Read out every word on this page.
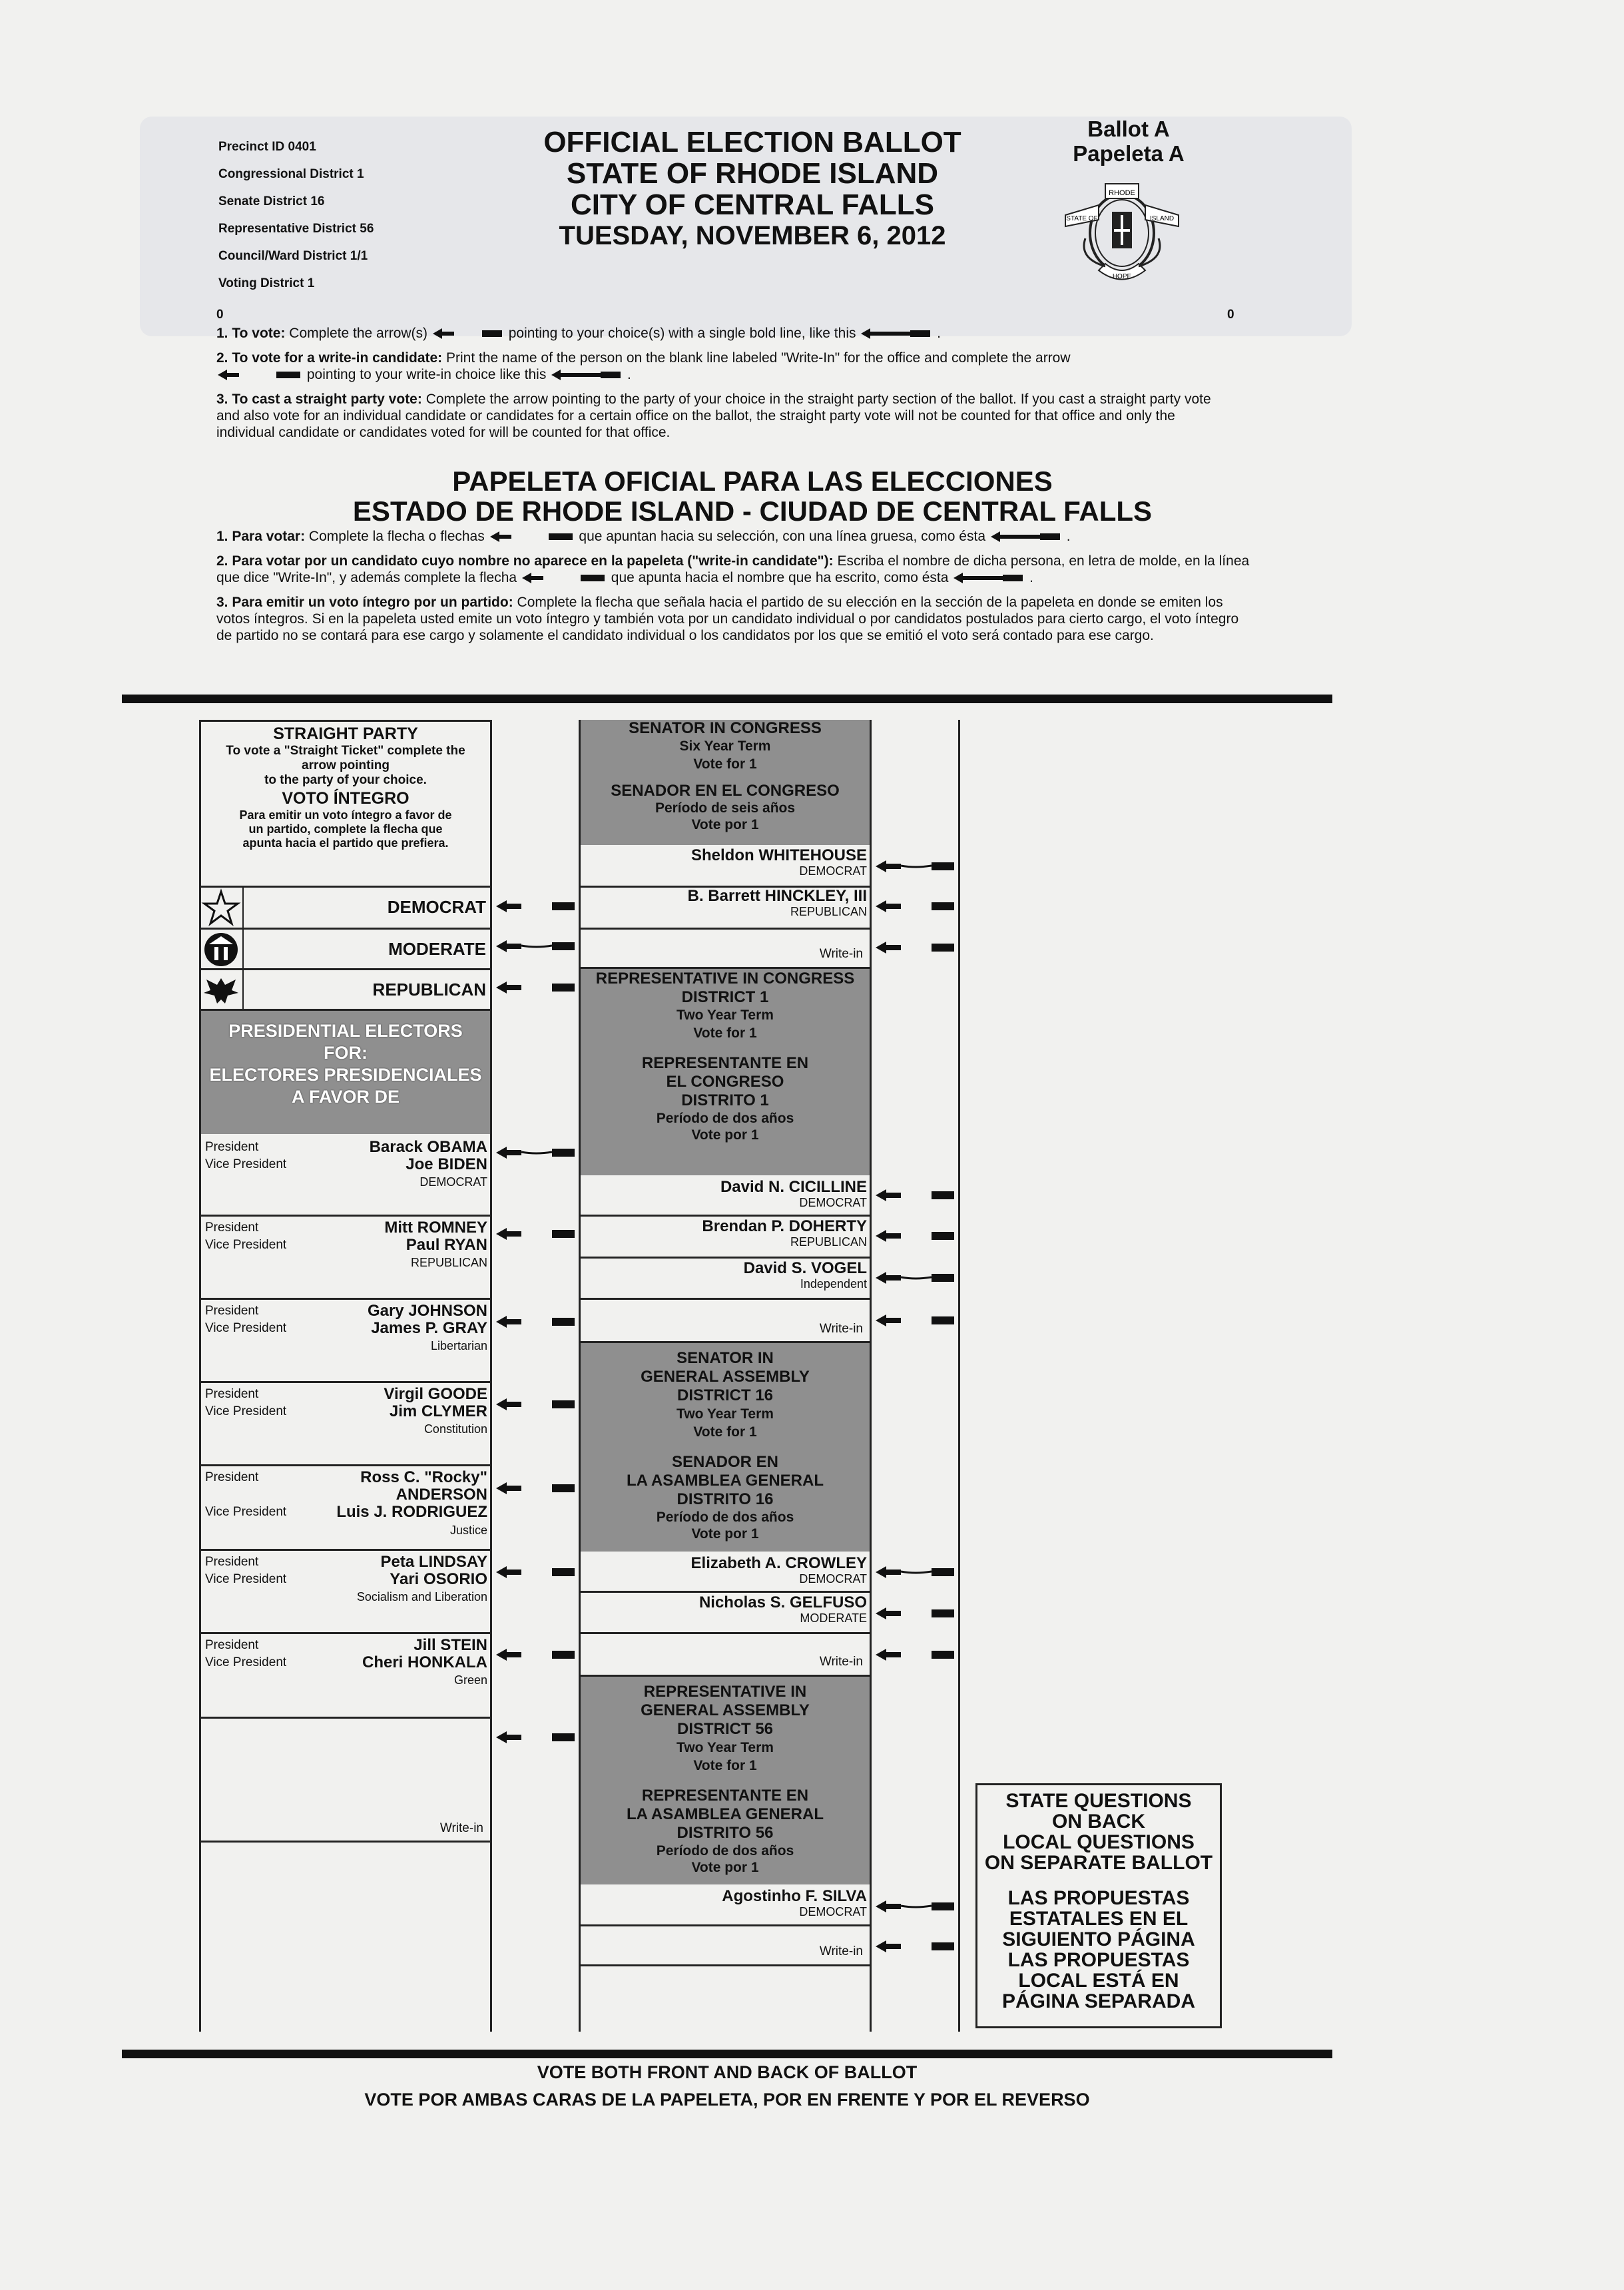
Precinct ID 0401
Congressional District 1
Senate District 16
Representative District 56
Council/Ward District 1/1
Voting District 1
OFFICIAL ELECTION BALLOT
STATE OF RHODE ISLAND
CITY OF CENTRAL FALLS
TUESDAY, NOVEMBER 6, 2012
Ballot A
Papeleta A
RHODE
STATE OF	ISLAND
HOPE
0	0
1. To vote: Complete the arrow(s)	pointing to your choice(s) with a single bold line, like this	.
2. To vote for a write-in candidate: Print the name of the person on the blank line labeled "Write-In" for the office and complete the arrow
pointing to your write-in choice like this	.
3. To cast a straight party vote: Complete the arrow pointing to the party of your choice in the straight party section of the ballot. If you cast a straight party vote and also vote for an individual candidate or candidates for a certain office on the ballot, the straight party vote will not be counted for that office and only the individual candidate or candidates voted for will be counted for that office.
PAPELETA OFICIAL PARA LAS ELECCIONES
ESTADO DE RHODE ISLAND - CIUDAD DE CENTRAL FALLS
1. Para votar: Complete la flecha o flechas	que apuntan hacia su selección, con una línea gruesa, como ésta	.
2. Para votar por un candidato cuyo nombre no aparece en la papeleta ("write-in candidate"): Escriba el nombre de dicha persona, en letra de molde, en la línea que dice "Write-In", y además complete la flecha	que apunta hacia el nombre que ha escrito, como ésta	.
3. Para emitir un voto íntegro por un partido: Complete la flecha que señala hacia el partido de su elección en la sección de la papeleta en donde se emiten los votos íntegros. Si en la papeleta usted emite un voto íntegro y también vota por un candidato individual o por candidatos postulados para cierto cargo, el voto íntegro de partido no se contará para ese cargo y solamente el candidato individual o los candidatos por los que se emitió el voto será contado para ese cargo.
STRAIGHT PARTY
To vote a "Straight Ticket" complete the
arrow pointing
to the party of your choice.
VOTO ÍNTEGRO
Para emitir un voto íntegro a favor de
un partido, complete la flecha que
apunta hacia el partido que prefiera.
DEMOCRAT
MODERATE
REPUBLICAN
PRESIDENTIAL ELECTORS
FOR:
ELECTORES PRESIDENCIALES
A FAVOR DE
President
Vice President
Barack OBAMA
Joe BIDEN
DEMOCRAT
President
Vice President
Mitt ROMNEY
Paul RYAN
REPUBLICAN
President
Vice President
Gary JOHNSON
James P. GRAY
Libertarian
President
Vice President
Virgil GOODE
Jim CLYMER
Constitution
President
Vice President
Ross C. "Rocky"
ANDERSON
Luis J. RODRIGUEZ
Justice
President
Vice President
Peta LINDSAY
Yari OSORIO
Socialism and Liberation
President
Vice President
Jill STEIN
Cheri HONKALA
Green
Write-in
SENATOR IN CONGRESS
Six Year Term
Vote for 1
SENADOR EN EL CONGRESO
Período de seis años
Vote por 1
Sheldon WHITEHOUSE
DEMOCRAT
B. Barrett HINCKLEY, III
REPUBLICAN
Write-in
REPRESENTATIVE IN CONGRESS
DISTRICT 1
Two Year Term
Vote for 1
REPRESENTANTE EN
EL CONGRESO
DISTRITO 1
Período de dos años
Vote por 1
David N. CICILLINE
DEMOCRAT
Brendan P. DOHERTY
REPUBLICAN
David S. VOGEL
Independent
Write-in
SENATOR IN
GENERAL ASSEMBLY
DISTRICT 16
Two Year Term
Vote for 1
SENADOR EN
LA ASAMBLEA GENERAL
DISTRITO 16
Período de dos años
Vote por 1
Elizabeth A. CROWLEY
DEMOCRAT
Nicholas S. GELFUSO
MODERATE
Write-in
REPRESENTATIVE IN
GENERAL ASSEMBLY
DISTRICT 56
Two Year Term
Vote for 1
REPRESENTANTE EN
LA ASAMBLEA GENERAL
DISTRITO 56
Período de dos años
Vote por 1
Agostinho F. SILVA
DEMOCRAT
Write-in
STATE QUESTIONS
ON BACK
LOCAL QUESTIONS
ON SEPARATE BALLOT
LAS PROPUESTAS
ESTATALES EN EL
SIGUIENTO PÁGINA
LAS PROPUESTAS
LOCAL ESTÁ EN
PÁGINA SEPARADA
VOTE BOTH FRONT AND BACK OF BALLOT
VOTE POR AMBAS CARAS DE LA PAPELETA, POR EN FRENTE Y POR EL REVERSO
